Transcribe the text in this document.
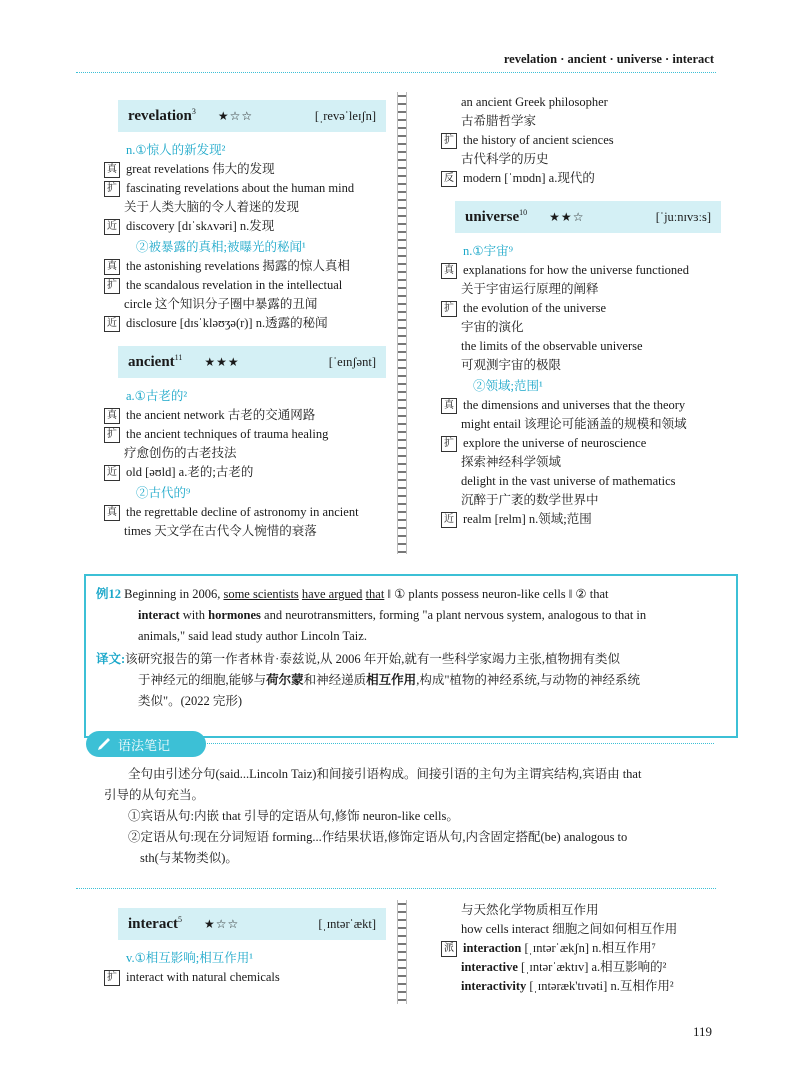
revelation · ancient · universe · interact
revelation$^3$ ★☆☆	[ˌrevəˈleɪʃn]
n.①惊人的新发现²
真 great revelations 伟大的发现
扩 fascinating revelations about the human mind
关于人类大脑的令人着迷的发现
近 discovery [dɪˈskʌvəri] n.发现
②被暴露的真相;被曝光的秘闻¹
真 the astonishing revelations 揭露的惊人真相
扩 the scandalous revelation in the intellectual
circle 这个知识分子圈中暴露的丑闻
近 disclosure [dɪsˈkləʊʒə(r)] n.透露的秘闻
ancient$^{11}$ ★★★	[ˈeɪnʃənt]
a.①古老的²
真 the ancient network 古老的交通网路
扩 the ancient techniques of trauma healing
疗愈创伤的古老技法
近 old [əʊld] a.老的;古老的
②古代的⁹
真 the regrettable decline of astronomy in ancient
times 天文学在古代令人惋惜的衰落
an ancient Greek philosopher
古希腊哲学家
扩 the history of ancient sciences
古代科学的历史
反 modern [ˈmɒdn] a.现代的
universe$^{10}$ ★★☆	[ˈjuːnɪvɜːs]
n.①宇宙⁹
真 explanations for how the universe functioned
关于宇宙运行原理的阐释
扩 the evolution of the universe
宇宙的演化
the limits of the observable universe
可观测宇宙的极限
②领域;范围¹
真 the dimensions and universes that the theory
might entail 该理论可能涵盖的规模和领域
扩 explore the universe of neuroscience
探索神经科学领域
delight in the vast universe of mathematics
沉醉于广袤的数学世界中
近 realm [relm] n.领域;范围
例12 Beginning in 2006, some scientists have argued that ‖ ① plants possess neuron-like cells ‖ ② that
interact with hormones and neurotransmitters, forming "a plant nervous system, analogous to that in
animals," said lead study author Lincoln Taiz.
译文:该研究报告的第一作者林肯·泰兹说,从 2006 年开始,就有一些科学家竭力主张,植物拥有类似
于神经元的细胞,能够与荷尔蒙和神经递质相互作用,构成"植物的神经系统,与动物的神经系统
类似"。(2022 完形)
语法笔记

全句由引述分句(said...Lincoln Taiz)和间接引语构成。间接引语的主句为主谓宾结构,宾语由 that

引导的从句充当。

①宾语从句:内嵌 that 引导的定语从句,修饰 neuron-like cells。

②定语从句:现在分词短语 forming...作结果状语,修饰定语从句,内含固定搭配(be) analogous to

sth(与某物类似)。

interact$^5$ ★☆☆	[ˌɪntərˈækt]
v.①相互影响;相互作用¹
扩 interact with natural chemicals
与天然化学物质相互作用
how cells interact 细胞之间如何相互作用
派 interaction [ˌɪntərˈækʃn] n.相互作用⁷
interactive [ˌɪntərˈæktɪv] a.相互影响的²
interactivity [ˌɪntəræk'tɪvəti] n.互相作用²
119
